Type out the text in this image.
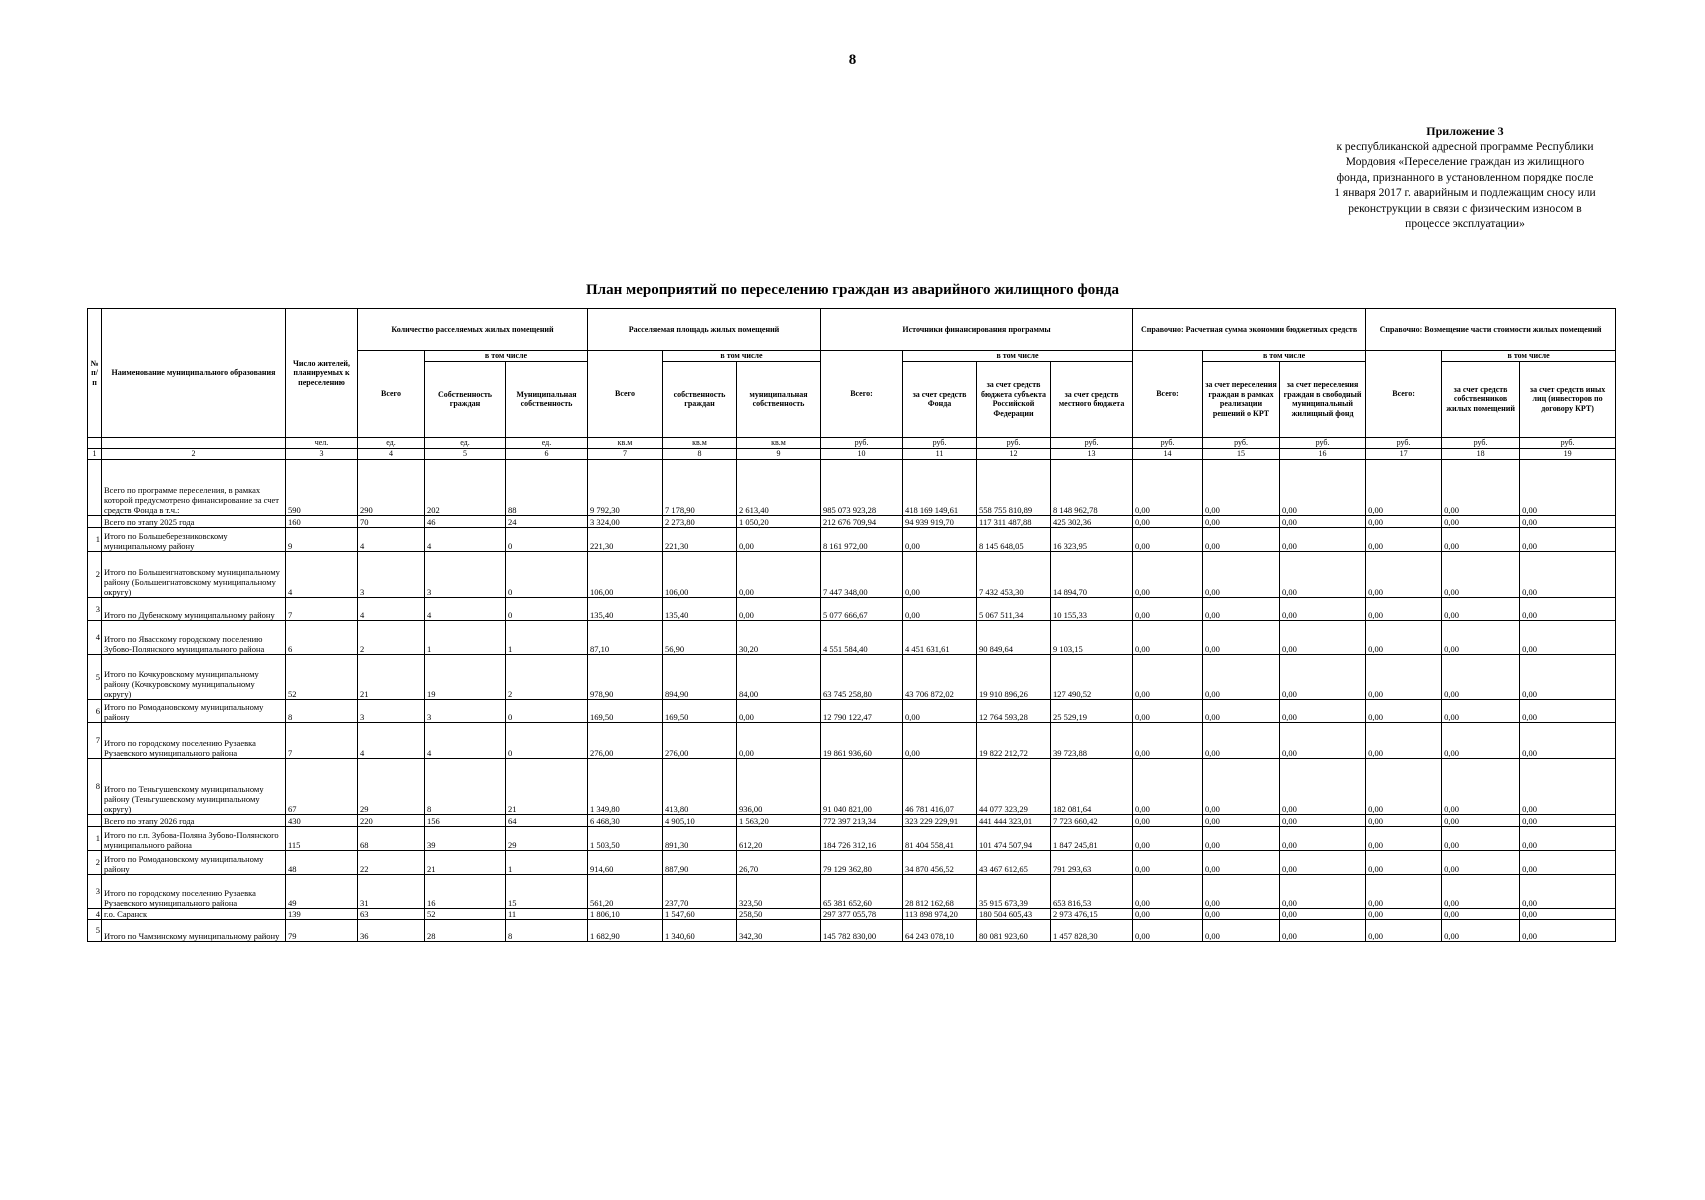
8
Приложение 3
к республиканской адресной программе Республики
Мордовия «Переселение граждан из жилищного
фонда, признанного в установленном порядке после
1 января 2017 г. аварийным и подлежащим сносу или
реконструкции в связи с физическим износом в
процессе эксплуатации»
План мероприятий по переселению граждан из аварийного жилищного фонда
№ п/п	Наименование муниципального образования	Число жителей, планируемых к переселению	Количество расселяемых жилых помещений			Расселяемая площадь жилых помещений			Источники финансирования программы				Справочно: Расчетная сумма экономии бюджетных средств			Справочно: Возмещение части стоимости жилых помещений		
			Всего	в том числе		Всего	в том числе		Всего:	в том числе			Всего:	в том числе		Всего:	в том числе	
				Собственность граждан	Муниципальная собственность		собственность граждан	муниципальная собственность		за счет средств Фонда	за счет средств бюджета субъекта Российской Федерации	за счет средств местного бюджета		за счет переселения граждан в рамках реализации решений о КРТ	за счет переселения граждан в свободный муниципальный жилищный фонд		за счет средств собственников жилых помещений	за счет средств иных лиц (инвесторов по договору КРТ)
		чел.	ед.	ед.	ед.	кв.м	кв.м	кв.м	руб.	руб.	руб.	руб.	руб.	руб.	руб.	руб.	руб.	руб.
1	2	3	4	5	6	7	8	9	10	11	12	13	14	15	16	17	18	19
	Всего по программе переселения, в рамках которой предусмотрено финансирование за счет средств Фонда в т.ч.:	590	290	202	88	9 792,30	7 178,90	2 613,40	985 073 923,28	418 169 149,61	558 755 810,89	8 148 962,78	0,00	0,00	0,00	0,00	0,00	0,00
	Всего по этапу 2025 года	160	70	46	24	3 324,00	2 273,80	1 050,20	212 676 709,94	94 939 919,70	117 311 487,88	425 302,36	0,00	0,00	0,00	0,00	0,00	0,00
1	Итого по Большеберезниковскому муниципальному району	9	4	4	0	221,30	221,30	0,00	8 161 972,00	0,00	8 145 648,05	16 323,95	0,00	0,00	0,00	0,00	0,00	0,00
2	Итого по Большеигнатовскому муниципальному району (Большеигнатовскому муниципальному округу)	4	3	3	0	106,00	106,00	0,00	7 447 348,00	0,00	7 432 453,30	14 894,70	0,00	0,00	0,00	0,00	0,00	0,00
3	Итого по Дубенскому муниципальному району	7	4	4	0	135,40	135,40	0,00	5 077 666,67	0,00	5 067 511,34	10 155,33	0,00	0,00	0,00	0,00	0,00	0,00
4	Итого по Явасскому городскому поселению Зубово-Полянского муниципального района	6	2	1	1	87,10	56,90	30,20	4 551 584,40	4 451 631,61	90 849,64	9 103,15	0,00	0,00	0,00	0,00	0,00	0,00
5	Итого по Кочкуровскому муниципальному району (Кочкуровскому муниципальному округу)	52	21	19	2	978,90	894,90	84,00	63 745 258,80	43 706 872,02	19 910 896,26	127 490,52	0,00	0,00	0,00	0,00	0,00	0,00
6	Итого по Ромодановскому муниципальному району	8	3	3	0	169,50	169,50	0,00	12 790 122,47	0,00	12 764 593,28	25 529,19	0,00	0,00	0,00	0,00	0,00	0,00
7	Итого по городскому поселению Рузаевка Рузаевского муниципального района	7	4	4	0	276,00	276,00	0,00	19 861 936,60	0,00	19 822 212,72	39 723,88	0,00	0,00	0,00	0,00	0,00	0,00
8	Итого по Теньгушевскому муниципальному району (Теньгушевскому муниципальному округу)	67	29	8	21	1 349,80	413,80	936,00	91 040 821,00	46 781 416,07	44 077 323,29	182 081,64	0,00	0,00	0,00	0,00	0,00	0,00
	Всего по этапу 2026 года	430	220	156	64	6 468,30	4 905,10	1 563,20	772 397 213,34	323 229 229,91	441 444 323,01	7 723 660,42	0,00	0,00	0,00	0,00	0,00	0,00
1	Итого по г.п. Зубова-Поляна Зубово-Полянского муниципального района	115	68	39	29	1 503,50	891,30	612,20	184 726 312,16	81 404 558,41	101 474 507,94	1 847 245,81	0,00	0,00	0,00	0,00	0,00	0,00
2	Итого по Ромодановскому муниципальному району	48	22	21	1	914,60	887,90	26,70	79 129 362,80	34 870 456,52	43 467 612,65	791 293,63	0,00	0,00	0,00	0,00	0,00	0,00
3	Итого по городскому поселению Рузаевка Рузаевского муниципального района	49	31	16	15	561,20	237,70	323,50	65 381 652,60	28 812 162,68	35 915 673,39	653 816,53	0,00	0,00	0,00	0,00	0,00	0,00
4	г.о. Саранск	139	63	52	11	1 806,10	1 547,60	258,50	297 377 055,78	113 898 974,20	180 504 605,43	2 973 476,15	0,00	0,00	0,00	0,00	0,00	0,00
5	Итого по Чамзинскому муниципальному району	79	36	28	8	1 682,90	1 340,60	342,30	145 782 830,00	64 243 078,10	80 081 923,60	1 457 828,30	0,00	0,00	0,00	0,00	0,00	0,00
